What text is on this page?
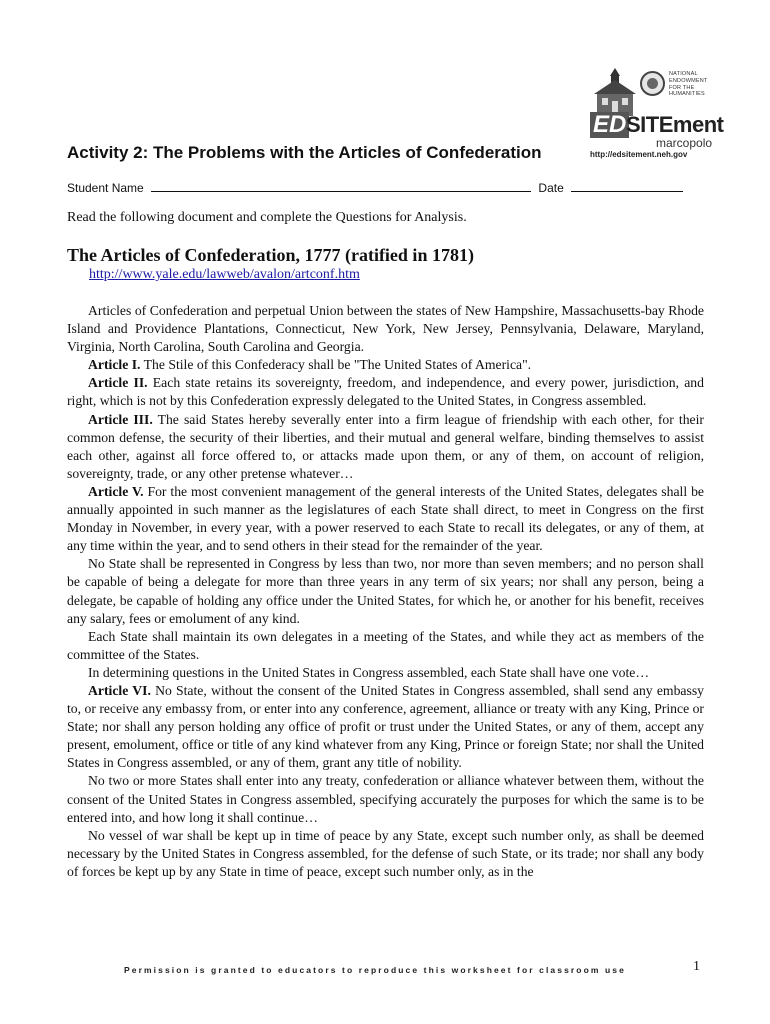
NATIONAL
ENDOWMENT
FOR THE
HUMANITIES
ED SITEment
marcopolo
http://edsitement.neh.gov
Activity 2: The Problems with the Articles of Confederation
Student Name	Date
Read the following document and complete the Questions for Analysis.
The Articles of Confederation, 1777 (ratified in 1781)
http://www.yale.edu/lawweb/avalon/artconf.htm

Articles of Confederation and perpetual Union between the states of New Hampshire, Massachusetts-bay Rhode Island and Providence Plantations, Connecticut, New York, New Jersey, Pennsylvania, Delaware, Maryland, Virginia, North Carolina, South Carolina and Georgia.

Article I. The Stile of this Confederacy shall be "The United States of America".

Article II. Each state retains its sovereignty, freedom, and independence, and every power, jurisdiction, and right, which is not by this Confederation expressly delegated to the United States, in Congress assembled.

Article III. The said States hereby severally enter into a firm league of friendship with each other, for their common defense, the security of their liberties, and their mutual and general welfare, binding themselves to assist each other, against all force offered to, or attacks made upon them, or any of them, on account of religion, sovereignty, trade, or any other pretense whatever…

Article V. For the most convenient management of the general interests of the United States, delegates shall be annually appointed in such manner as the legislatures of each State shall direct, to meet in Congress on the first Monday in November, in every year, with a power reserved to each State to recall its delegates, or any of them, at any time within the year, and to send others in their stead for the remainder of the year.

No State shall be represented in Congress by less than two, nor more than seven members; and no person shall be capable of being a delegate for more than three years in any term of six years; nor shall any person, being a delegate, be capable of holding any office under the United States, for which he, or another for his benefit, receives any salary, fees or emolument of any kind.

Each State shall maintain its own delegates in a meeting of the States, and while they act as members of the committee of the States.

In determining questions in the United States in Congress assembled, each State shall have one vote…

Article VI. No State, without the consent of the United States in Congress assembled, shall send any embassy to, or receive any embassy from, or enter into any conference, agreement, alliance or treaty with any King, Prince or State; nor shall any person holding any office of profit or trust under the United States, or any of them, accept any present, emolument, office or title of any kind whatever from any King, Prince or foreign State; nor shall the United States in Congress assembled, or any of them, grant any title of nobility.

No two or more States shall enter into any treaty, confederation or alliance whatever between them, without the consent of the United States in Congress assembled, specifying accurately the purposes for which the same is to be entered into, and how long it shall continue…

No vessel of war shall be kept up in time of peace by any State, except such number only, as shall be deemed necessary by the United States in Congress assembled, for the defense of such State, or its trade; nor shall any body of forces be kept up by any State in time of peace, except such number only, as in the

Permission is granted to educators to reproduce this worksheet for classroom use	1
